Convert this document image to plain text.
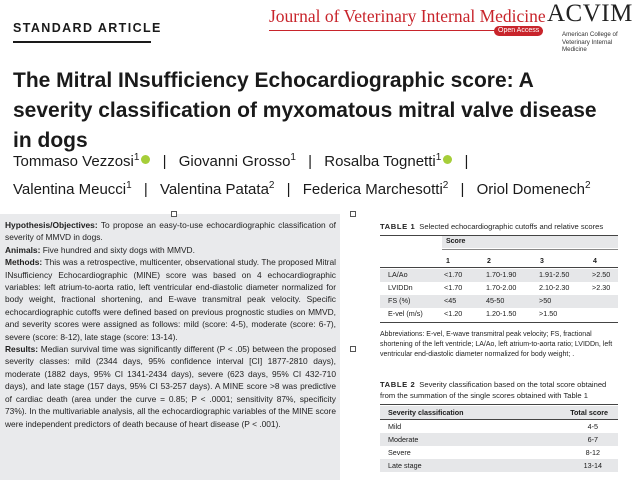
STANDARD ARTICLE
Journal of Veterinary Internal Medicine
Open Access
ACVIM
American College of Veterinary Internal Medicine
The Mitral INsufficiency Echocardiographic score: A severity classification of myxomatous mitral valve disease in dogs
Tommaso Vezzosi$^1$ | Giovanni Grosso$^1$ | Rosalba Tognetti$^1$ |
Valentina Meucci$^1$ | Valentina Patata$^2$ | Federica Marchesotti$^2$ | Oriol Domenech$^2$

Hypothesis/Objectives: To propose an easy-to-use echocardiographic classification of severity of MMVD in dogs.

Animals: Five hundred and sixty dogs with MMVD.

Methods: This was a retrospective, multicenter, observational study. The proposed Mitral INsufficiency Echocardiographic (MINE) score was based on 4 echocardiographic variables: left atrium-to-aorta ratio, left ventricular end-diastolic diameter normalized for body weight, fractional shortening, and E-wave transmitral peak velocity. Specific echocardiographic cutoffs were defined based on previous prognostic studies on MMVD, and severity scores were assigned as follows: mild (score: 4-5), moderate (score: 6-7), severe (score: 8-12), late stage (score: 13-14).

Results: Median survival time was significantly different (P < .05) between the proposed severity classes: mild (2344 days, 95% confidence interval [CI] 1877-2810 days), moderate (1882 days, 95% CI 1341-2434 days), severe (623 days, 95% CI 432-710 days), and late stage (157 days, 95% CI 53-257 days). A MINE score >8 was predictive of cardiac death (area under the curve = 0.85; P < .0001; sensitivity 87%, specificity 73%). In the multivariable analysis, all the echocardiographic variables of the MINE score were independent predictors of death because of heart disease (P < .001).

TABLE 1 Selected echocardiographic cutoffs and relative scores
Score
1	2	3	4
LA/Ao	<1.70	1.70-1.90	1.91-2.50	>2.50
LVIDDn	<1.70	1.70-2.00	2.10-2.30	>2.30
FS (%)	<45	45-50	>50
E-vel (m/s)	<1.20	1.20-1.50	>1.50
Abbreviations: E-vel, E-wave transmitral peak velocity; FS, fractional shortening of the left ventricle; LA/Ao, left atrium-to-aorta ratio; LVIDDn, left ventricular end-diastolic diameter normalized for body weight; .
TABLE 2 Severity classification based on the total score obtained from the summation of the single scores obtained with Table 1
Severity classification	Total score
Mild	4-5
Moderate	6-7
Severe	8-12
Late stage	13-14
